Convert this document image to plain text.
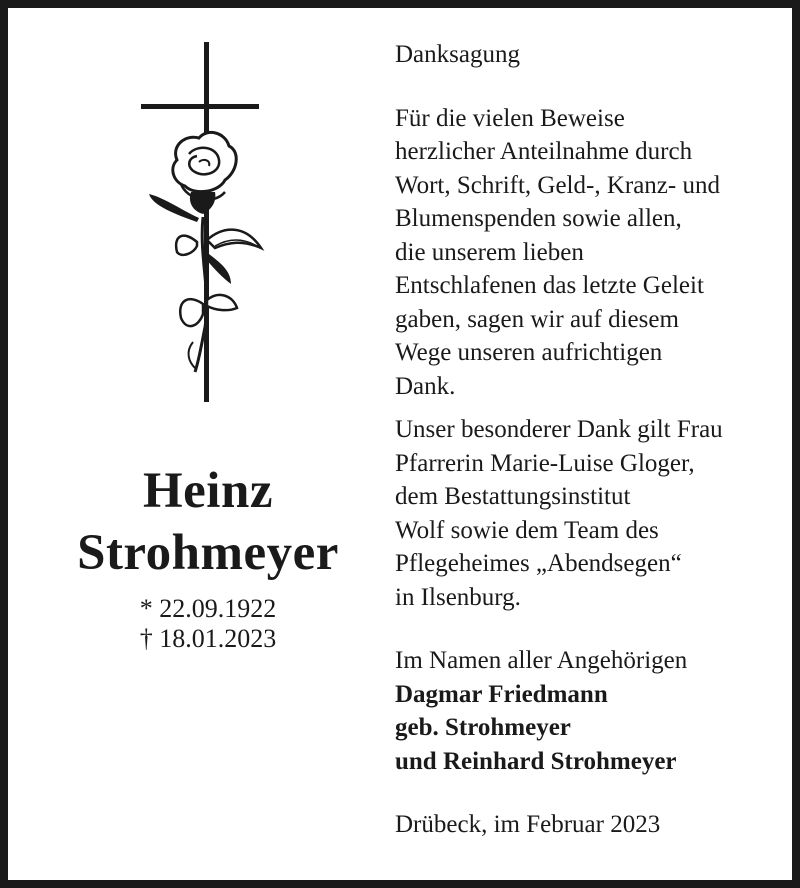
Heinz
Strohmeyer
* 22.09.1922
† 18.01.2023
Danksagung
Für die vielen Beweise
herzlicher Anteilnahme durch
Wort, Schrift, Geld-, Kranz- und
Blumenspenden sowie allen,
die unserem lieben
Entschlafenen das letzte Geleit
gaben, sagen wir auf diesem
Wege unseren aufrichtigen
Dank.
Unser besonderer Dank gilt Frau
Pfarrerin Marie-Luise Gloger,
dem Bestattungsinstitut
Wolf sowie dem Team des
Pflegeheimes „Abendsegen“
in Ilsenburg.
Im Namen aller Angehörigen
Dagmar Friedmann
geb. Strohmeyer
und Reinhard Strohmeyer
Drübeck, im Februar 2023
